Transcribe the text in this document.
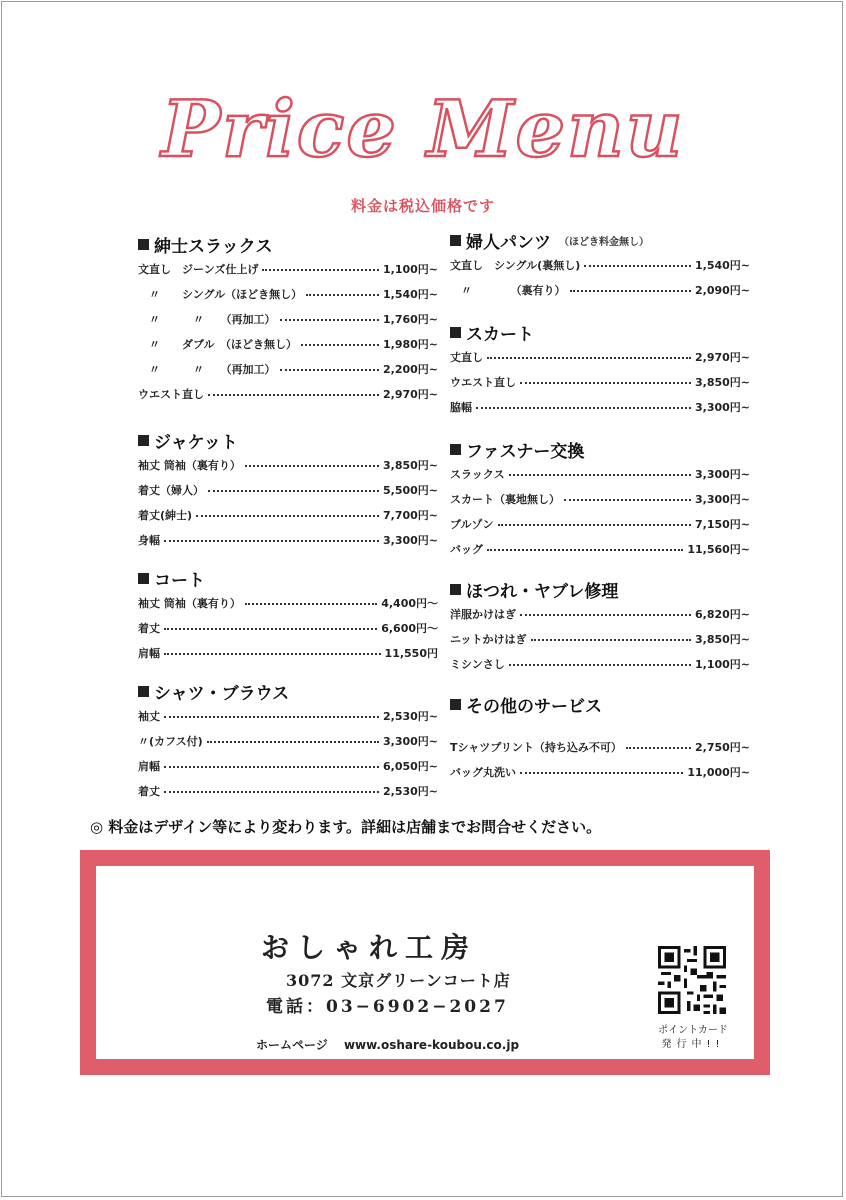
Price Menu
料金は税込価格です
紳士スラックス
文直し　ジーンズ仕上げ	1,100円~
　〃　　シングル（ほどき無し）	1,540円~
　〃　　　〃　　（再加工）	1,760円~
　〃　　ダブル　（ほどき無し）	1,980円~
　〃　　　〃　　（再加工）	2,200円~
ウエスト直し	2,970円~
ジャケット
袖丈 筒袖（裏有り）	3,850円~
着丈（婦人）	5,500円~
着丈(紳士)	7,700円~
身幅	3,300円~
コート
袖丈 筒袖（裏有り）	4,400円～
着丈	6,600円～
肩幅	11,550円
シャツ・ブラウス
袖丈	2,530円~
〃(カフス付)	3,300円~
肩幅	6,050円~
着丈	2,530円~
婦人パンツ （ほどき料金無し）
文直し　シングル(裏無し)	1,540円~
　〃　　　　（裏有り）	2,090円~
スカート
丈直し	2,970円~
ウエスト直し	3,850円~
脇幅	3,300円~
ファスナー交換
スラックス	3,300円~
スカート（裏地無し）	3,300円~
ブルゾン	7,150円~
バッグ	11,560円~
ほつれ・ヤブレ修理
洋服かけはぎ	6,820円~
ニットかけはぎ	3,850円~
ミシンさし	1,100円~
その他のサービス
Tシャツプリント（持ち込み不可）	2,750円~
バッグ丸洗い	11,000円~
◎ 料金はデザイン等により変わります。詳細は店舗までお問合せください。
おしゃれ工房
3072 文京グリーンコート店
電話：03−6902−2027
ホームページ　 www.oshare-koubou.co.jp
ポイントカード
発行中!!
